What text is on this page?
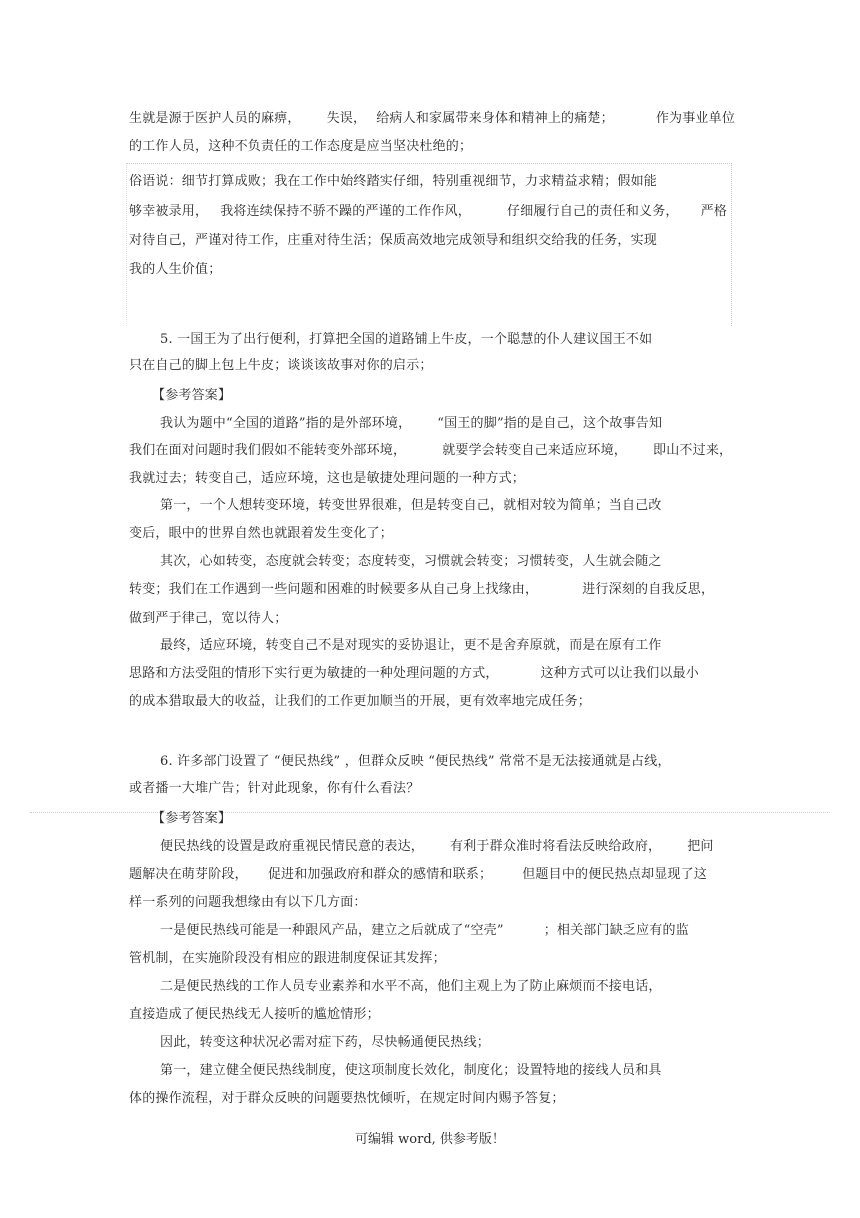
生就是源于医护人员的麻痹， 失误， 给病人和家属带来身体和精神上的痛楚；	作为事业单位
的工作人员，这种不负责任的工作态度是应当坚决杜绝的；
俗语说：细节打算成败；我在工作中始终踏实仔细，特别重视细节，力求精益求精；假如能
够幸被录用， 我将连续保持不骄不躁的严谨的工作作风，	仔细履行自己的责任和义务， 严格
对待自己，严谨对待工作，庄重对待生活；保质高效地完成领导和组织交给我的任务，实现
我的人生价值；
5. 一国王为了出行便利，打算把全国的道路铺上牛皮，一个聪慧的仆人建议国王不如
只在自己的脚上包上牛皮；谈谈该故事对你的启示；
【参考答案】
我认为题中“全国的道路”指的是外部环境， “国王的脚”指的是自己，这个故事告知
我们在面对问题时我们假如不能转变外部环境，	就要学会转变自己来适应环境， 即山不过来，
我就过去；转变自己，适应环境，这也是敏捷处理问题的一种方式；
第一，一个人想转变环境，转变世界很难，但是转变自己，就相对较为简单；当自己改
变后，眼中的世界自然也就跟着发生变化了；
其次，心如转变，态度就会转变；态度转变，习惯就会转变；习惯转变，人生就会随之
转变；我们在工作遇到一些问题和困难的时候要多从自己身上找缘由，	进行深刻的自我反思，
做到严于律己，宽以待人；
最终，适应环境，转变自己不是对现实的妥协退让，更不是舍弃原就，而是在原有工作
思路和方法受阻的情形下实行更为敏捷的一种处理问题的方式，	这种方式可以让我们以最小
的成本猎取最大的收益，让我们的工作更加顺当的开展，更有效率地完成任务；
6. 许多部门设置了 “便民热线” ，但群众反映 “便民热线” 常常不是无法接通就是占线，
或者播一大堆广告；针对此现象，你有什么看法？
【参考答案】
便民热线的设置是政府重视民情民意的表达， 有利于群众准时将看法反映给政府， 把问
题解决在萌芽阶段， 促进和加强政府和群众的感情和联系； 但题目中的便民热点却显现了这
样一系列的问题我想缘由有以下几方面：
一是便民热线可能是一种跟风产品，建立之后就成了“空壳”	；相关部门缺乏应有的监
管机制，在实施阶段没有相应的跟进制度保证其发挥；
二是便民热线的工作人员专业素养和水平不高，他们主观上为了防止麻烦而不接电话，
直接造成了便民热线无人接听的尴尬情形；
因此，转变这种状况必需对症下药，尽快畅通便民热线；
第一，建立健全便民热线制度，使这项制度长效化，制度化；设置特地的接线人员和具
体的操作流程，对于群众反映的问题要热忱倾听，在规定时间内赐予答复；
可编辑 word, 供参考版！
